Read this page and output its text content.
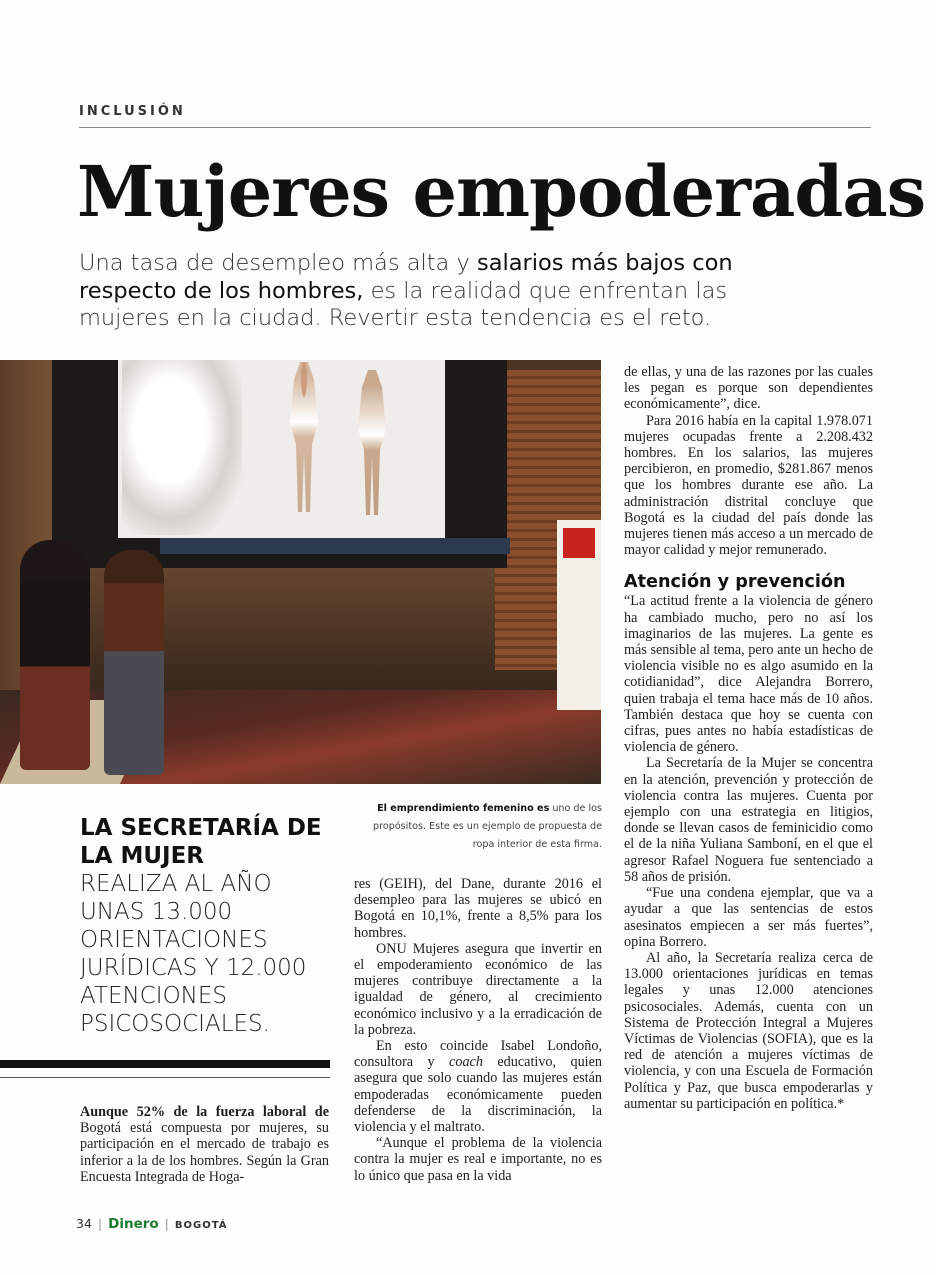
INCLUSIÓN
Mujeres empoderadas
Una tasa de desempleo más alta y salarios más bajos con respecto de los hombres, es la realidad que enfrentan las mujeres en la ciudad. Revertir esta tendencia es el reto.
El emprendimiento femenino es uno de los propósitos. Este es un ejemplo de propuesta de ropa interior de esta firma.
LA SECRETARÍA DE LA MUJER
REALIZA AL AÑO UNAS 13.000 ORIENTACIONES JURÍDICAS Y 12.000 ATENCIONES PSICOSOCIALES.

Aunque 52% de la fuerza laboral de Bogotá está compuesta por mujeres, su participación en el mercado de trabajo es inferior a la de los hombres. Según la Gran Encuesta Integrada de Hoga-

res (GEIH), del Dane, durante 2016 el desempleo para las mujeres se ubicó en Bogotá en 10,1%, frente a 8,5% para los hombres.

ONU Mujeres asegura que invertir en el empoderamiento económico de las mujeres contribuye directamente a la igualdad de género, al crecimiento económico inclusivo y a la erradicación de la pobreza.

En esto coincide Isabel Londoño, consultora y coach educativo, quien asegura que solo cuando las mujeres están empoderadas económicamente pueden defenderse de la discriminación, la violencia y el maltrato.

“Aunque el problema de la violencia contra la mujer es real e importante, no es lo único que pasa en la vida

de ellas, y una de las razones por las cuales les pegan es porque son dependientes económicamente”, dice.

Para 2016 había en la capital 1.978.071 mujeres ocupadas frente a 2.208.432 hombres. En los salarios, las mujeres percibieron, en promedio, $281.867 menos que los hombres durante ese año. La administración distrital concluye que Bogotá es la ciudad del país donde las mujeres tienen más acceso a un mercado de mayor calidad y mejor remunerado.

Atención y prevención

“La actitud frente a la violencia de género ha cambiado mucho, pero no así los imaginarios de las mujeres. La gente es más sensible al tema, pero ante un hecho de violencia visible no es algo asumido en la cotidianidad”, dice Alejandra Borrero, quien trabaja el tema hace más de 10 años. También destaca que hoy se cuenta con cifras, pues antes no había estadísticas de violencia de género.

La Secretaría de la Mujer se concentra en la atención, prevención y protección de violencia contra las mujeres. Cuenta por ejemplo con una estrategia en litigios, donde se llevan casos de feminicidio como el de la niña Yuliana Samboní, en el que el agresor Rafael Noguera fue sentenciado a 58 años de prisión.

“Fue una condena ejemplar, que va a ayudar a que las sentencias de estos asesinatos empiecen a ser más fuertes”, opina Borrero.

Al año, la Secretaría realiza cerca de 13.000 orientaciones jurídicas en temas legales y unas 12.000 atenciones psicosociales. Además, cuenta con un Sistema de Protección Integral a Mujeres Víctimas de Violencias (SOFIA), que es la red de atención a mujeres víctimas de violencia, y con una Escuela de Formación Política y Paz, que busca empoderarlas y aumentar su participación en política.*

34 | Dinero | BOGOTÁ
